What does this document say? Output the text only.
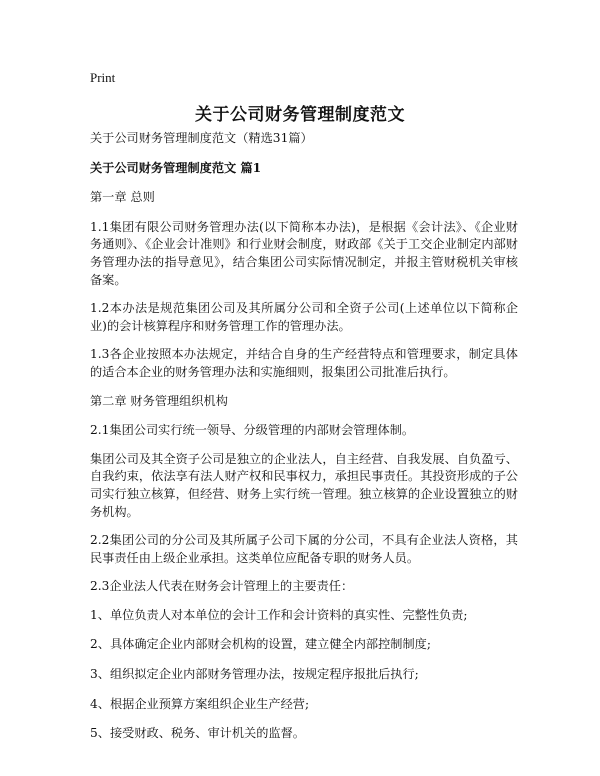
Print
关于公司财务管理制度范文

关于公司财务管理制度范文（精选31篇）

关于公司财务管理制度范文 篇1

第一章 总则

1.1集团有限公司财务管理办法(以下简称本办法)，是根据《会计法》、《企业财务通则》、《企业会计准则》和行业财会制度，财政部《关于工交企业制定内部财务管理办法的指导意见》，结合集团公司实际情况制定，并报主管财税机关审核备案。

1.2本办法是规范集团公司及其所属分公司和全资子公司(上述单位以下简称企业)的会计核算程序和财务管理工作的管理办法。

1.3各企业按照本办法规定，并结合自身的生产经营特点和管理要求，制定具体的适合本企业的财务管理办法和实施细则，报集团公司批准后执行。

第二章 财务管理组织机构

2.1集团公司实行统一领导、分级管理的内部财会管理体制。

集团公司及其全资子公司是独立的企业法人，自主经营、自我发展、自负盈亏、自我约束，依法享有法人财产权和民事权力，承担民事责任。其投资形成的子公司实行独立核算，但经营、财务上实行统一管理。独立核算的企业设置独立的财务机构。

2.2集团公司的分公司及其所属子公司下属的分公司，不具有企业法人资格，其民事责任由上级企业承担。这类单位应配备专职的财务人员。

2.3企业法人代表在财务会计管理上的主要责任：

1、单位负责人对本单位的会计工作和会计资料的真实性、完整性负责;

2、具体确定企业内部财会机构的设置，建立健全内部控制制度;

3、组织拟定企业内部财务管理办法，按规定程序报批后执行;

4、根据企业预算方案组织企业生产经营;

5、接受财政、税务、审计机关的监督。
